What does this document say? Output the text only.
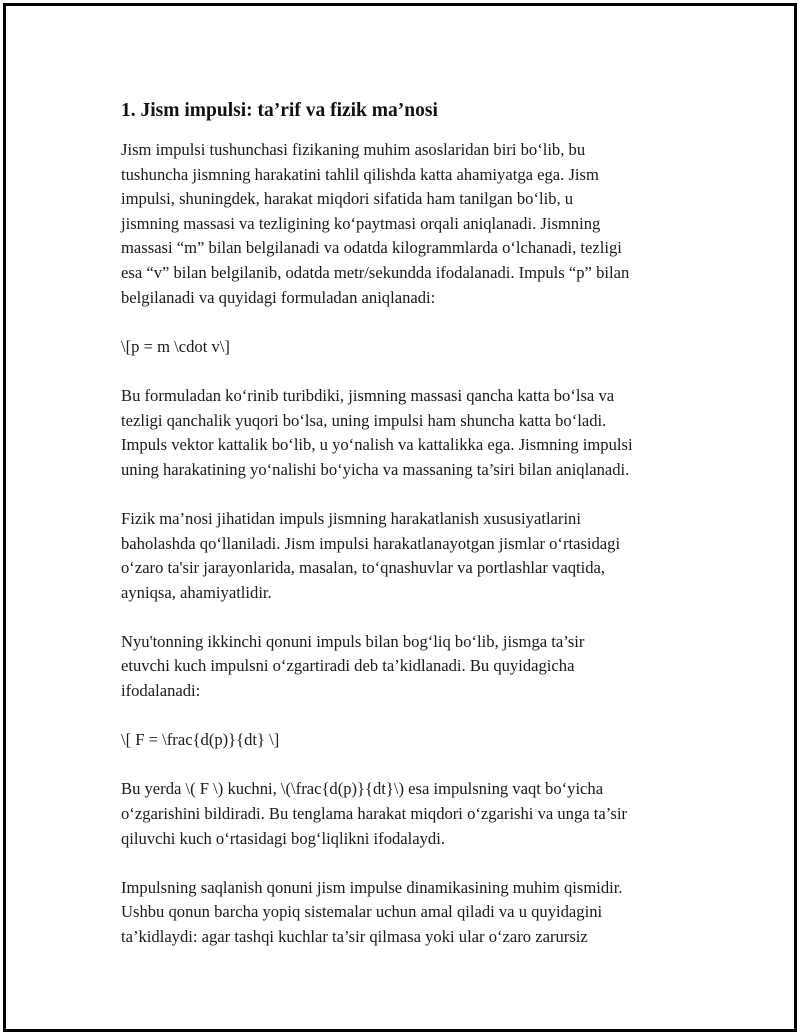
1. Jism impulsi: ta’rif va fizik ma’nosi
Jism impulsi tushunchasi fizikaning muhim asoslaridan biri bo‘lib, bu
tushuncha jismning harakatini tahlil qilishda katta ahamiyatga ega. Jism
impulsi, shuningdek, harakat miqdori sifatida ham tanilgan bo‘lib, u
jismning massasi va tezligining ko‘paytmasi orqali aniqlanadi. Jismning
massasi “m” bilan belgilanadi va odatda kilogrammlarda o‘lchanadi, tezligi
esa “v” bilan belgilanib, odatda metr/sekundda ifodalanadi. Impuls “p” bilan
belgilanadi va quyidagi formuladan aniqlanadi:
\[p = m \cdot v\]
Bu formuladan ko‘rinib turibdiki, jismning massasi qancha katta bo‘lsa va
tezligi qanchalik yuqori bo‘lsa, uning impulsi ham shuncha katta bo‘ladi.
Impuls vektor kattalik bo‘lib, u yo‘nalish va kattalikka ega. Jismning impulsi
uning harakatining yo‘nalishi bo‘yicha va massaning ta’siri bilan aniqlanadi.
Fizik ma’nosi jihatidan impuls jismning harakatlanish xususiyatlarini
baholashda qo‘llaniladi. Jism impulsi harakatlanayotgan jismlar o‘rtasidagi
o‘zaro ta'sir jarayonlarida, masalan, to‘qnashuvlar va portlashlar vaqtida,
ayniqsa, ahamiyatlidir.
Nyu'tonning ikkinchi qonuni impuls bilan bog‘liq bo‘lib, jismga ta’sir
etuvchi kuch impulsni o‘zgartiradi deb ta’kidlanadi. Bu quyidagicha
ifodalanadi:
\[ F = \frac{d(p)}{dt} \]
Bu yerda \( F \) kuchni, \(\frac{d(p)}{dt}\) esa impulsning vaqt bo‘yicha
o‘zgarishini bildiradi. Bu tenglama harakat miqdori o‘zgarishi va unga ta’sir
qiluvchi kuch o‘rtasidagi bog‘liqlikni ifodalaydi.
Impulsning saqlanish qonuni jism impulse dinamikasining muhim qismidir.
Ushbu qonun barcha yopiq sistemalar uchun amal qiladi va u quyidagini
ta’kidlaydi: agar tashqi kuchlar ta’sir qilmasa yoki ular o‘zaro zarursiz
